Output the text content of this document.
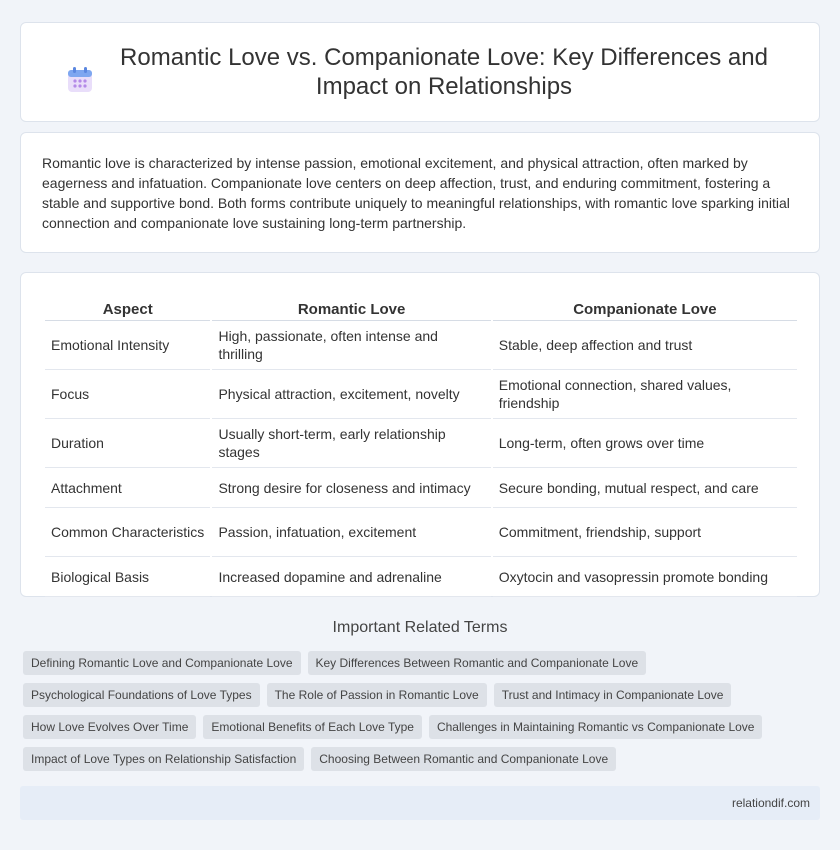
Romantic Love vs. Companionate Love: Key Differences and Impact on Relationships

Romantic love is characterized by intense passion, emotional excitement, and physical attraction, often marked by eagerness and infatuation. Companionate love centers on deep affection, trust, and enduring commitment, fostering a stable and supportive bond. Both forms contribute uniquely to meaningful relationships, with romantic love sparking initial connection and companionate love sustaining long-term partnership.

Aspect	Romantic Love	Companionate Love
Emotional Intensity	High, passionate, often intense and thrilling	Stable, deep affection and trust
Focus	Physical attraction, excitement, novelty	Emotional connection, shared values, friendship
Duration	Usually short-term, early relationship stages	Long-term, often grows over time
Attachment	Strong desire for closeness and intimacy	Secure bonding, mutual respect, and care
Common Characteristics	Passion, infatuation, excitement	Commitment, friendship, support
Biological Basis	Increased dopamine and adrenaline	Oxytocin and vasopressin promote bonding
Important Related Terms
Defining Romantic Love and Companionate Love	Key Differences Between Romantic and Companionate Love
Psychological Foundations of Love Types	The Role of Passion in Romantic Love	Trust and Intimacy in Companionate Love
How Love Evolves Over Time	Emotional Benefits of Each Love Type	Challenges in Maintaining Romantic vs Companionate Love
Impact of Love Types on Relationship Satisfaction	Choosing Between Romantic and Companionate Love
relationdif.com
